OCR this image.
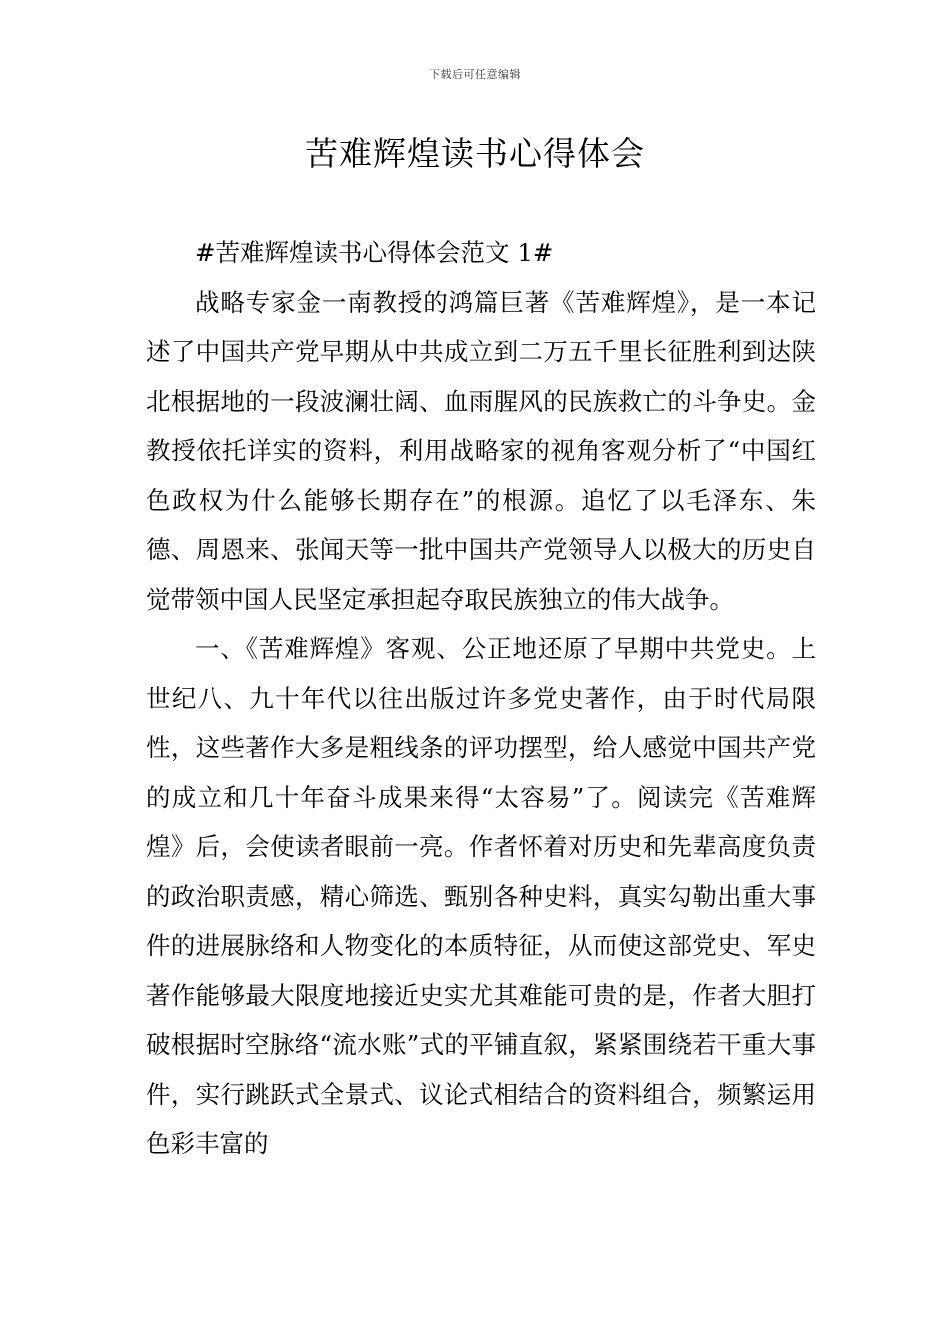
下载后可任意编辑
苦难辉煌读书心得体会

#苦难辉煌读书心得体会范文 1#

战略专家金一南教授的鸿篇巨著《苦难辉煌》，是一本记述了中国共产党早期从中共成立到二万五千里长征胜利到达陕北根据地的一段波澜壮阔、血雨腥风的民族救亡的斗争史。金教授依托详实的资料，利用战略家的视角客观分析了“中国红色政权为什么能够长期存在”的根源。追忆了以毛泽东、朱德、周恩来、张闻天等一批中国共产党领导人以极大的历史自觉带领中国人民坚定承担起夺取民族独立的伟大战争。

一、《苦难辉煌》客观、公正地还原了早期中共党史。上世纪八、九十年代以往出版过许多党史著作，由于时代局限性，这些著作大多是粗线条的评功摆型，给人感觉中国共产党的成立和几十年奋斗成果来得“太容易”了。阅读完《苦难辉煌》后，会使读者眼前一亮。作者怀着对历史和先辈高度负责的政治职责感，精心筛选、甄别各种史料，真实勾勒出重大事件的进展脉络和人物变化的本质特征，从而使这部党史、军史著作能够最大限度地接近史实尤其难能可贵的是，作者大胆打破根据时空脉络“流水账”式的平铺直叙，紧紧围绕若干重大事件，实行跳跃式全景式、议论式相结合的资料组合，频繁运用色彩丰富的
